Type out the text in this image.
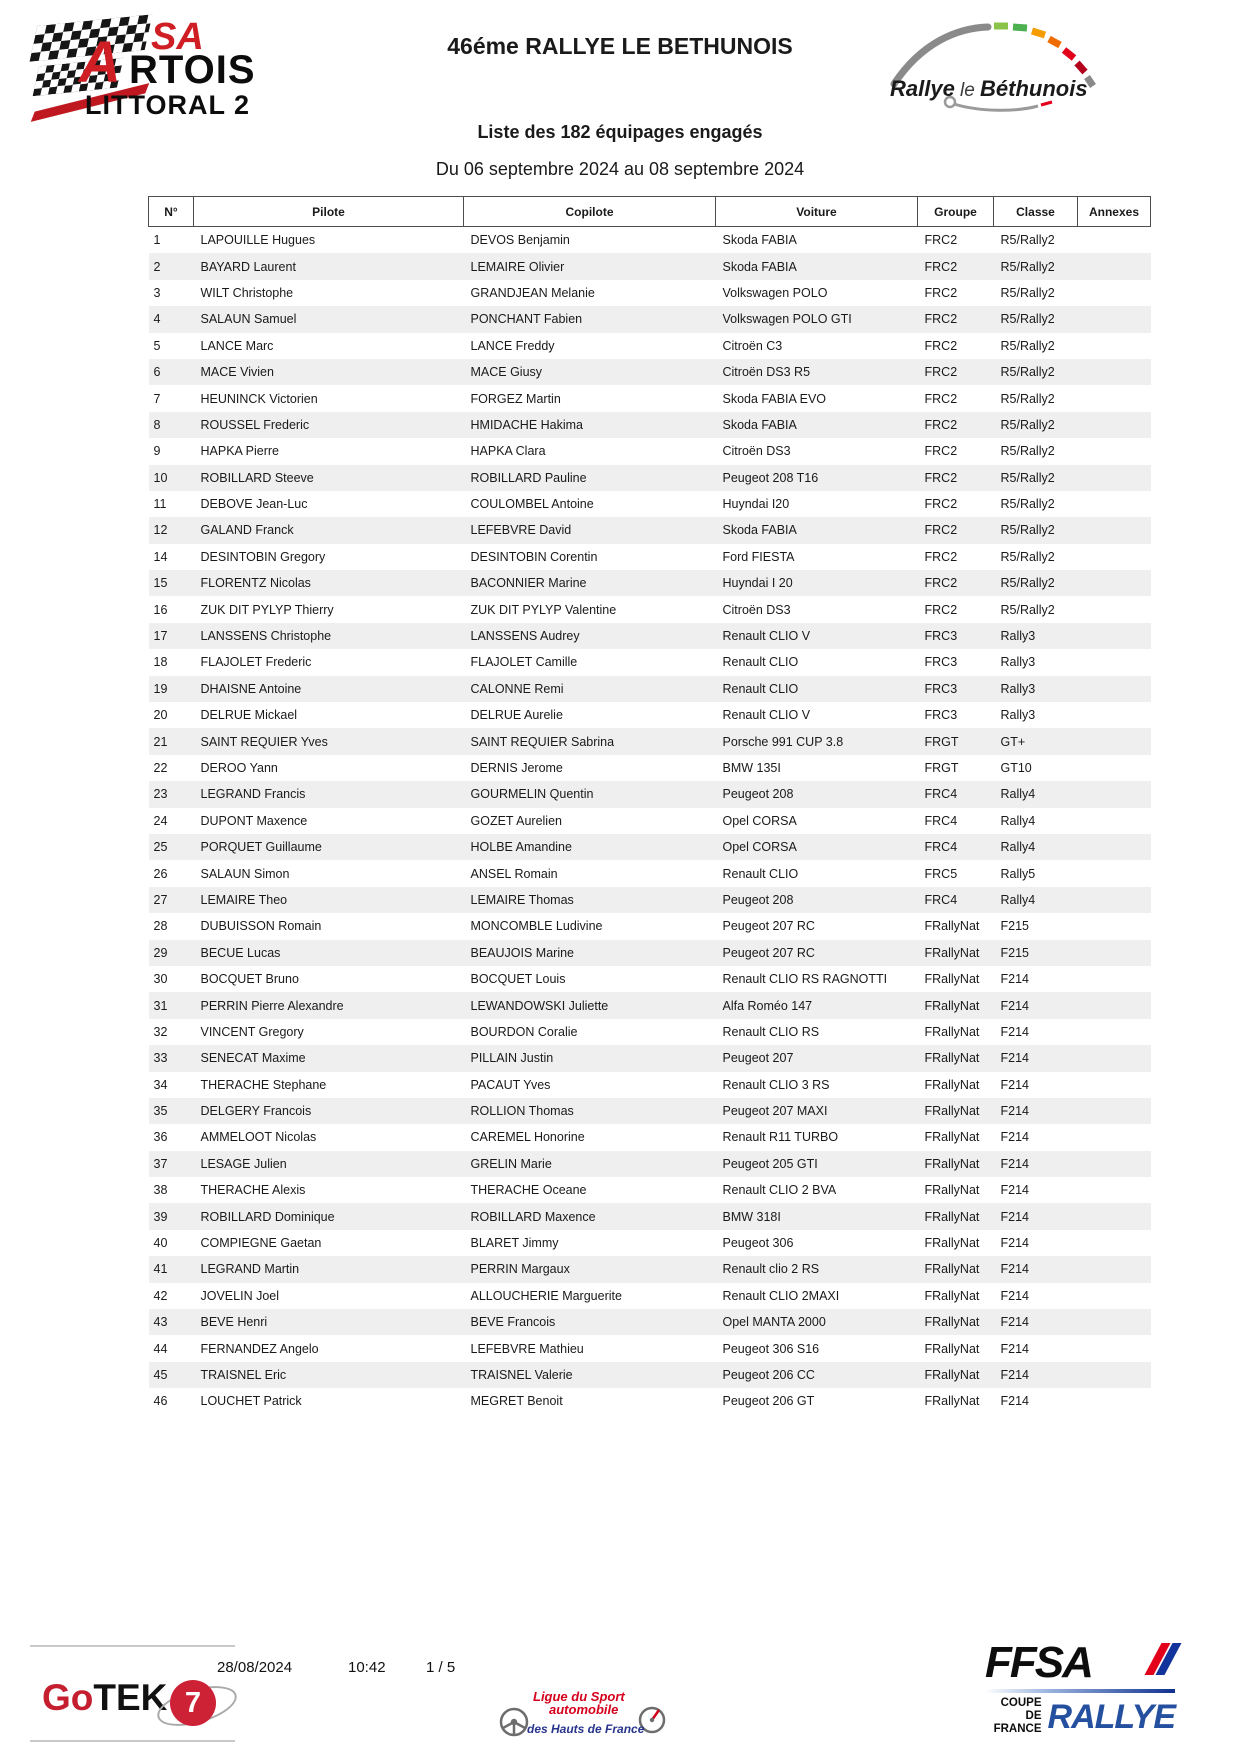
SA
A RTOIS
LITTORAL 2
46éme RALLYE LE BETHUNOIS
Liste des 182 équipages engagés
Du 06 septembre 2024 au 08 septembre 2024
Rallye le Béthunois
N°	Pilote	Copilote	Voiture	Groupe	Classe	Annexes
1	LAPOUILLE Hugues	DEVOS Benjamin	Skoda FABIA	FRC2	R5/Rally2	
2	BAYARD Laurent	LEMAIRE Olivier	Skoda FABIA	FRC2	R5/Rally2	
3	WILT Christophe	GRANDJEAN Melanie	Volkswagen POLO	FRC2	R5/Rally2	
4	SALAUN Samuel	PONCHANT Fabien	Volkswagen POLO GTI	FRC2	R5/Rally2	
5	LANCE Marc	LANCE Freddy	Citroën C3	FRC2	R5/Rally2	
6	MACE Vivien	MACE Giusy	Citroën DS3 R5	FRC2	R5/Rally2	
7	HEUNINCK Victorien	FORGEZ Martin	Skoda FABIA EVO	FRC2	R5/Rally2	
8	ROUSSEL Frederic	HMIDACHE Hakima	Skoda FABIA	FRC2	R5/Rally2	
9	HAPKA Pierre	HAPKA Clara	Citroën DS3	FRC2	R5/Rally2	
10	ROBILLARD Steeve	ROBILLARD Pauline	Peugeot 208 T16	FRC2	R5/Rally2	
11	DEBOVE Jean-Luc	COULOMBEL Antoine	Huyndai I20	FRC2	R5/Rally2	
12	GALAND Franck	LEFEBVRE David	Skoda FABIA	FRC2	R5/Rally2	
14	DESINTOBIN Gregory	DESINTOBIN Corentin	Ford FIESTA	FRC2	R5/Rally2	
15	FLORENTZ Nicolas	BACONNIER Marine	Huyndai I 20	FRC2	R5/Rally2	
16	ZUK DIT PYLYP Thierry	ZUK DIT PYLYP Valentine	Citroën DS3	FRC2	R5/Rally2	
17	LANSSENS Christophe	LANSSENS Audrey	Renault CLIO V	FRC3	Rally3	
18	FLAJOLET Frederic	FLAJOLET Camille	Renault CLIO	FRC3	Rally3	
19	DHAISNE Antoine	CALONNE Remi	Renault CLIO	FRC3	Rally3	
20	DELRUE Mickael	DELRUE Aurelie	Renault CLIO V	FRC3	Rally3	
21	SAINT REQUIER Yves	SAINT REQUIER Sabrina	Porsche 991 CUP 3.8	FRGT	GT+	
22	DEROO Yann	DERNIS Jerome	BMW 135I	FRGT	GT10	
23	LEGRAND Francis	GOURMELIN Quentin	Peugeot 208	FRC4	Rally4	
24	DUPONT Maxence	GOZET Aurelien	Opel CORSA	FRC4	Rally4	
25	PORQUET Guillaume	HOLBE Amandine	Opel CORSA	FRC4	Rally4	
26	SALAUN Simon	ANSEL Romain	Renault CLIO	FRC5	Rally5	
27	LEMAIRE Theo	LEMAIRE Thomas	Peugeot 208	FRC4	Rally4	
28	DUBUISSON Romain	MONCOMBLE Ludivine	Peugeot 207 RC	FRallyNat	F215	
29	BECUE Lucas	BEAUJOIS Marine	Peugeot 207 RC	FRallyNat	F215	
30	BOCQUET Bruno	BOCQUET Louis	Renault CLIO RS RAGNOTTI	FRallyNat	F214	
31	PERRIN Pierre Alexandre	LEWANDOWSKI Juliette	Alfa Roméo 147	FRallyNat	F214	
32	VINCENT Gregory	BOURDON Coralie	Renault CLIO RS	FRallyNat	F214	
33	SENECAT Maxime	PILLAIN Justin	Peugeot 207	FRallyNat	F214	
34	THERACHE Stephane	PACAUT Yves	Renault CLIO 3 RS	FRallyNat	F214	
35	DELGERY Francois	ROLLION Thomas	Peugeot 207 MAXI	FRallyNat	F214	
36	AMMELOOT Nicolas	CAREMEL Honorine	Renault R11 TURBO	FRallyNat	F214	
37	LESAGE Julien	GRELIN Marie	Peugeot 205 GTI	FRallyNat	F214	
38	THERACHE Alexis	THERACHE Oceane	Renault CLIO 2 BVA	FRallyNat	F214	
39	ROBILLARD Dominique	ROBILLARD Maxence	BMW 318I	FRallyNat	F214	
40	COMPIEGNE Gaetan	BLARET Jimmy	Peugeot 306	FRallyNat	F214	
41	LEGRAND Martin	PERRIN Margaux	Renault clio 2 RS	FRallyNat	F214	
42	JOVELIN Joel	ALLOUCHERIE Marguerite	Renault CLIO 2MAXI	FRallyNat	F214	
43	BEVE Henri	BEVE Francois	Opel MANTA 2000	FRallyNat	F214	
44	FERNANDEZ Angelo	LEFEBVRE Mathieu	Peugeot 306 S16	FRallyNat	F214	
45	TRAISNEL Eric	TRAISNEL Valerie	Peugeot 206 CC	FRallyNat	F214	
46	LOUCHET Patrick	MEGRET Benoit	Peugeot 206 GT	FRallyNat	F214	
GoTEK 7
28/08/2024	10:42	1 / 5
Ligue du Sport
automobile
des Hauts de France
FFSA
COUPE DE
FRANCE RALLYE
